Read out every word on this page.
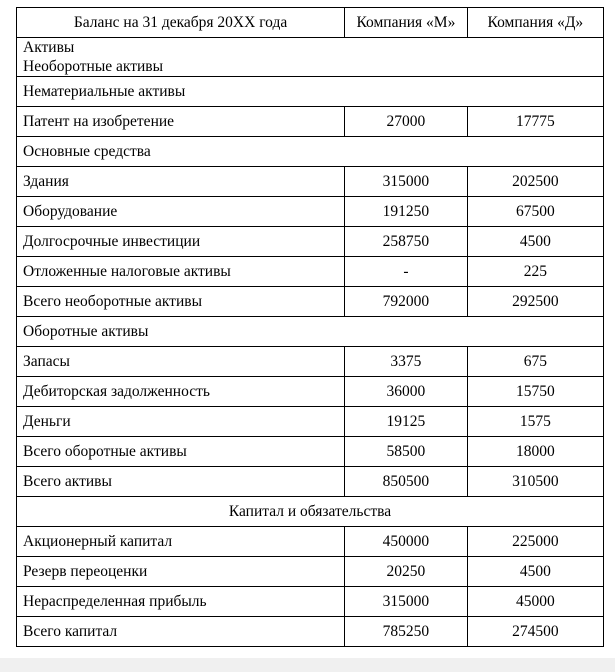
Баланс на 31 декабря 20XX года	Компания «М»	Компания «Д»

Активы
Необоротные активы		

Нематериальные активы		
Патент на изобретение	27000	17775
Основные средства		
Здания	315000	202500
Оборудование	191250	67500
Долгосрочные инвестиции	258750	4500
Отложенные налоговые активы	-	225
Всего необоротные активы	792000	292500
Оборотные активы		
Запасы	3375	675
Дебиторская задолженность	36000	15750
Деньги	19125	1575
Всего оборотные активы	58500	18000
Всего активы	850500	310500
Капитал и обязательства		
Акционерный капитал	450000	225000
Резерв переоценки	20250	4500
Нераспределенная прибыль	315000	45000
Всего капитал	785250	274500
